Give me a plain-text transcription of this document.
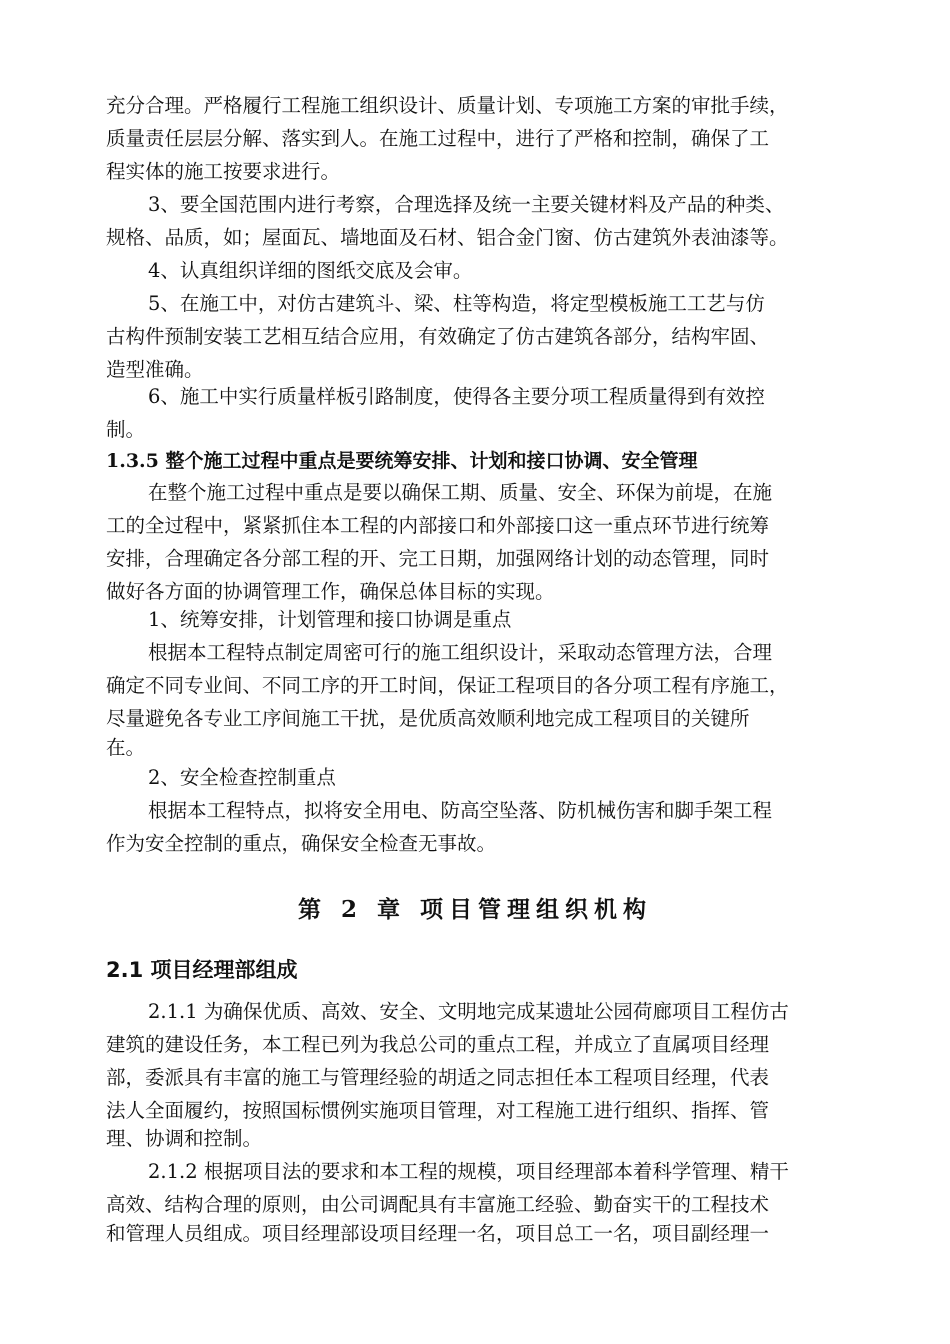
充分合理。严格履行工程施工组织设计、质量计划、专项施工方案的审批手续，

质量责任层层分解、落实到人。在施工过程中，进行了严格和控制，确保了工

程实体的施工按要求进行。

3、要全国范围内进行考察，合理选择及统一主要关键材料及产品的种类、

规格、品质，如；屋面瓦、墙地面及石材、铝合金门窗、仿古建筑外表油漆等。

4、认真组织详细的图纸交底及会审。

5、在施工中，对仿古建筑斗、梁、柱等构造，将定型模板施工工艺与仿

古构件预制安装工艺相互结合应用，有效确定了仿古建筑各部分，结构牢固、

造型准确。

6、施工中实行质量样板引路制度，使得各主要分项工程质量得到有效控

制。

1.3.5 整个施工过程中重点是要统筹安排、计划和接口协调、安全管理

在整个施工过程中重点是要以确保工期、质量、安全、环保为前堤，在施

工的全过程中，紧紧抓住本工程的内部接口和外部接口这一重点环节进行统筹

安排，合理确定各分部工程的开、完工日期，加强网络计划的动态管理，同时

做好各方面的协调管理工作，确保总体目标的实现。

1、统筹安排，计划管理和接口协调是重点

根据本工程特点制定周密可行的施工组织设计，采取动态管理方法，合理

确定不同专业间、不同工序的开工时间，保证工程项目的各分项工程有序施工，

尽量避免各专业工序间施工干扰，是优质高效顺利地完成工程项目的关键所

在。

2、安全检查控制重点

根据本工程特点，拟将安全用电、防高空坠落、防机械伤害和脚手架工程

作为安全控制的重点，确保安全检查无事故。

第 2 章 项目管理组织机构
2.1 项目经理部组成

2.1.1 为确保优质、高效、安全、文明地完成某遗址公园荷廊项目工程仿古

建筑的建设任务，本工程已列为我总公司的重点工程，并成立了直属项目经理

部，委派具有丰富的施工与管理经验的胡适之同志担任本工程项目经理，代表

法人全面履约，按照国标惯例实施项目管理，对工程施工进行组织、指挥、管

理、协调和控制。

2.1.2 根据项目法的要求和本工程的规模，项目经理部本着科学管理、精干

高效、结构合理的原则，由公司调配具有丰富施工经验、勤奋实干的工程技术

和管理人员组成。项目经理部设项目经理一名，项目总工一名，项目副经理一
